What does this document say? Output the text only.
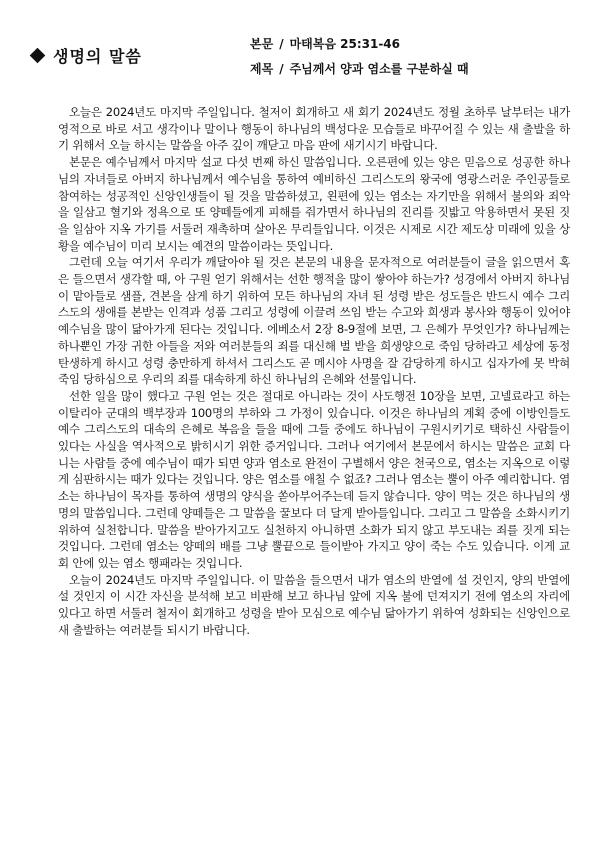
생명의 말씀
본문 / 마태복음 25:31-46
제목 / 주님께서 양과 염소를 구분하실 때

오늘은 2024년도 마지막 주일입니다. 철저이 회개하고 새 회기 2024년도 정월 초하루 날부터는 내가 영적으로 바로 서고 생각이나 말이나 행동이 하나님의 백성다운 모습들로 바꾸어질 수 있는 새 출발을 하기 위해서 오늘 하시는 말씀을 아주 깊이 깨닫고 마음 판에 새기시기 바랍니다.

본문은 예수님께서 마지막 설교 다섯 번째 하신 말씀입니다. 오른편에 있는 양은 믿음으로 성공한 하나님의 자녀들로 아버지 하나님께서 예수님을 통하여 예비하신 그리스도의 왕국에 영광스러운 주인공들로 참여하는 성공적인 신앙인생들이 될 것을 말씀하셨고, 왼편에 있는 염소는 자기만을 위해서 불의와 죄악을 일삼고 혈기와 정욕으로 또 양떼들에게 피해를 줘가면서 하나님의 진리를 짓밟고 악용하면서 못된 짓을 일삼아 지옥 가기를 서둘러 재촉하며 살아온 무리들입니다. 이것은 시제로 시간 제도상 미래에 있을 상황을 예수님이 미리 보시는 예견의 말씀이라는 뜻입니다.

그런데 오늘 여기서 우리가 깨달아야 될 것은 본문의 내용을 문자적으로 여러분들이 글을 읽으면서 혹은 들으면서 생각할 때, 아 구원 얻기 위해서는 선한 행적을 많이 쌓아야 하는가? 성경에서 아버지 하나님이 맡아들로 샘플, 견본을 삼게 하기 위하여 모든 하나님의 자녀 된 성령 받은 성도들은 반드시 예수 그리스도의 생애를 본받는 인격과 성품 그리고 성령에 이끌려 쓰임 받는 수고와 희생과 봉사와 행동이 있어야 예수님을 많이 닮아가게 된다는 것입니다. 에베소서 2장 8-9절에 보면, 그 은혜가 무엇인가? 하나님께는 하나뿐인 가장 귀한 아들을 저와 여러분들의 죄를 대신해 벌 받을 희생양으로 죽임 당하라고 세상에 동정탄생하게 하시고 성령 충만하게 하셔서 그리스도 곧 메시야 사명을 잘 감당하게 하시고 십자가에 못 박혀 죽임 당하심으로 우리의 죄를 대속하게 하신 하나님의 은혜와 선물입니다.

선한 일을 많이 했다고 구원 얻는 것은 절대로 아니라는 것이 사도행전 10장을 보면, 고넬료라고 하는 이탈리아 군대의 백부장과 100명의 부하와 그 가정이 있습니다. 이것은 하나님의 계획 중에 이방인들도 예수 그리스도의 대속의 은혜로 복음을 들을 때에 그들 중에도 하나님이 구원시키기로 택하신 사람들이 있다는 사실을 역사적으로 밝히시기 위한 증거입니다. 그러나 여기에서 본문에서 하시는 말씀은 교회 다니는 사람들 중에 예수님이 때가 되면 양과 염소로 완전이 구별해서 양은 천국으로, 염소는 지옥으로 이렇게 심판하시는 때가 있다는 것입니다. 양은 염소를 애칠 수 없죠? 그러나 염소는 뿔이 아주 예리합니다. 염소는 하나님이 목자를 통하여 생명의 양식을 쏟아부어주는데 듣지 않습니다. 양이 먹는 것은 하나님의 생명의 말씀입니다. 그런데 양떼들은 그 말씀을 꿀보다 더 달게 받아들입니다. 그리고 그 말씀을 소화시키기 위하여 실천합니다. 말씀을 받아가지고도 실천하지 아니하면 소화가 되지 않고 부도내는 죄를 짓게 되는 것입니다. 그런데 염소는 양떼의 배를 그냥 뿔끝으로 들이받아 가지고 양이 죽는 수도 있습니다. 이게 교회 안에 있는 염소 행패라는 것입니다.

오늘이 2024년도 마지막 주일입니다. 이 말씀을 들으면서 내가 염소의 반열에 설 것인지, 양의 반열에 설 것인지 이 시간 자신을 분석해 보고 비판해 보고 하나님 앞에 지옥 불에 던져지기 전에 염소의 자리에 있다고 하면 서둘러 철저이 회개하고 성령을 받아 모심으로 예수님 닮아가기 위하여 성화되는 신앙인으로 새 출발하는 여러분들 되시기 바랍니다.
